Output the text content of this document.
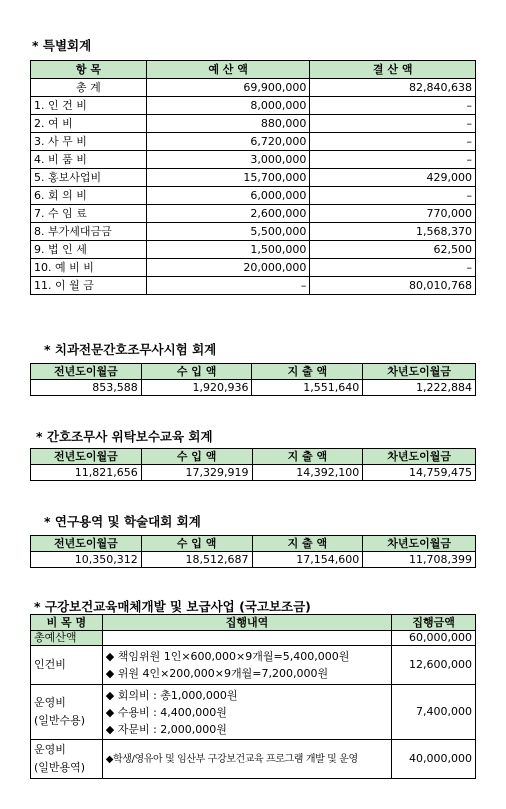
* 특별회계
항 목	예 산 액	결 산 액
총 계	69,900,000	82,840,638
1. 인 건 비	8,000,000	–
2. 여 비	880,000	–
3. 사 무 비	6,720,000	–
4. 비 품 비	3,000,000	–
5. 홍보사업비	15,700,000	429,000
6. 회 의 비	6,000,000	–
7. 수 임 료	2,600,000	770,000
8. 부가세대금금	5,500,000	1,568,370
9. 법 인 세	1,500,000	62,500
10. 예 비 비	20,000,000	–
11. 이 월 금	–	80,010,768
* 치과전문간호조무사시험 회계
전년도이월금	수 입 액	지 출 액	차년도이월금
853,588	1,920,936	1,551,640	1,222,884
* 간호조무사 위탁보수교육 회계
전년도이월금	수 입 액	지 출 액	차년도이월금
11,821,656	17,329,919	14,392,100	14,759,475
* 연구용역 및 학술대회 회계
전년도이월금	수 입 액	지 출 액	차년도이월금
10,350,312	18,512,687	17,154,600	11,708,399
* 구강보건교육매체개발 및 보급사업 (국고보조금)
비 목 명	집행내역	집행금액
총예산액		60,000,000
인건비	◆ 책임위원 1인×600,000×9개월=5,400,000원
◆ 위원 4인×200,000×9개월=7,200,000원	12,600,000

운영비
(일반수용)	◆ 회의비 : 총1,000,000원
◆ 수용비 : 4,400,000원
◆ 자문비 : 2,000,000원	7,400,000

운영비
(일반용역)	◆학생/영유아 및 임산부 구강보건교육 프로그램 개발 및 운영	40,000,000
